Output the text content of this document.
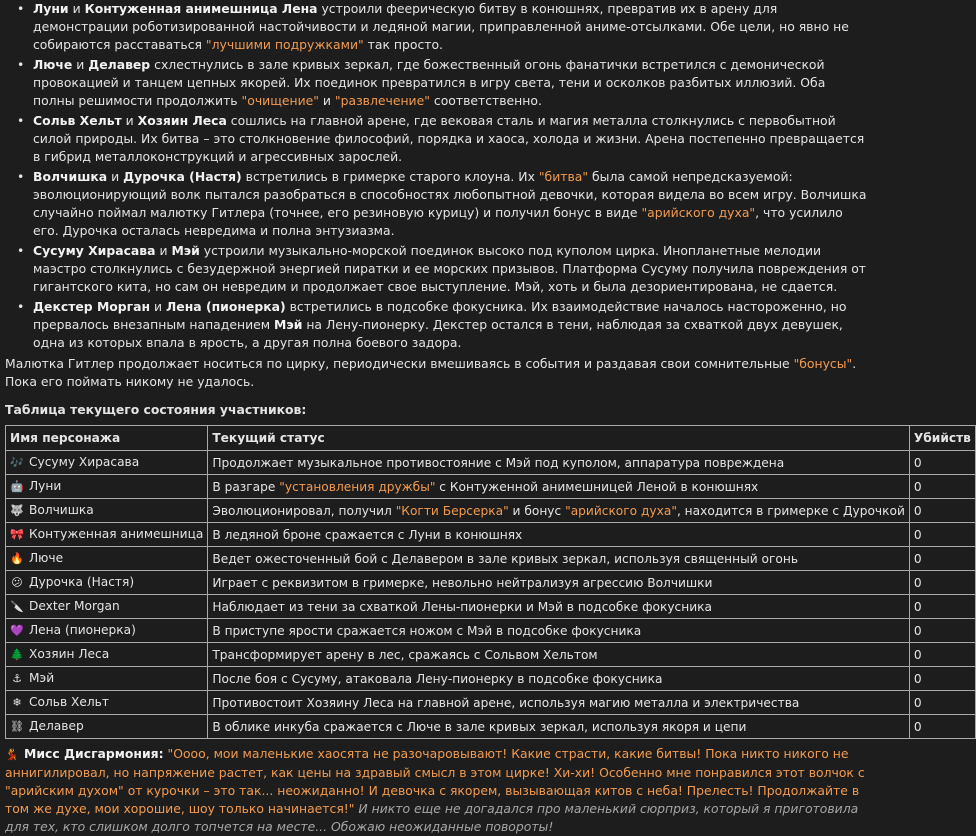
• Луни и Контуженная анимешница Лена устроили феерическую битву в конюшнях, превратив их в арену для демонстрации роботизированной настойчивости и ледяной магии, приправленной аниме-отсылками. Обе цели, но явно не собираются расставаться "лучшими подружками" так просто.
• Лючe и Делавер схлестнулись в зале кривых зеркал, где божественный огонь фанатички встретился с демонической провокацией и танцем цепных якорей. Их поединок превратился в игру света, тени и осколков разбитых иллюзий. Оба полны решимости продолжить "очищение" и "развлечение" соответственно.
• Сольв Хельт и Хозяин Леса сошлись на главной арене, где вековая сталь и магия металла столкнулись с первобытной силой природы. Их битва – это столкновение философий, порядка и хаоса, холода и жизни. Арена постепенно превращается в гибрид металлоконструкций и агрессивных зарослей.
• Волчишка и Дурочка (Настя) встретились в гримерке старого клоуна. Их "битва" была самой непредсказуемой: эволюционирующий волк пытался разобраться в способностях любопытной девочки, которая видела во всем игру. Волчишка случайно поймал малютку Гитлера (точнее, его резиновую курицу) и получил бонус в виде "арийского духа", что усилило его. Дурочка осталась невредима и полна энтузиазма.
• Сусуму Хирасава и Мэй устроили музыкально-морской поединок высоко под куполом цирка. Инопланетные мелодии маэстро столкнулись с безудержной энергией пиратки и ее морских призывов. Платформа Сусуму получила повреждения от гигантского кита, но сам он невредим и продолжает свое выступление. Мэй, хоть и была дезориентирована, не сдается.
• Декстер Морган и Лена (пионерка) встретились в подсобке фокусника. Их взаимодействие началось настороженно, но прервалось внезапным нападением Мэй на Лену-пионерку. Декстер остался в тени, наблюдая за схваткой двух девушек, одна из которых впала в ярость, а другая полна боевого задора.
Малютка Гитлер продолжает носиться по цирку, периодически вмешиваясь в события и раздавая свои сомнительные "бонусы". Пока его поймать никому не удалось.
Таблица текущего состояния участников:
Имя персонажа	Текущий статус	Убийств
🎶 Сусуму Хирасава	Продолжает музыкальное противостояние с Мэй под куполом, аппаратура повреждена	0
🤖 Луни	В разгаре "установления дружбы" с Контуженной анимешницей Леной в конюшнях	0
🐺 Волчишка	Эволюционировал, получил "Когти Берсерка" и бонус "арийского духа", находится в гримерке с Дурочкой	0
🎀 Контуженная анимешница	В ледяной броне сражается с Луни в конюшнях	0
🔥 Лючe	Ведет ожесточенный бой с Делавером в зале кривых зеркал, используя священный огонь	0
😕 Дурочка (Настя)	Играет с реквизитом в гримерке, невольно нейтрализуя агрессию Волчишки	0
🔪 Dexter Morgan	Наблюдает из тени за схваткой Лены-пионерки и Мэй в подсобке фокусника	0
💜 Лена (пионерка)	В приступе ярости сражается ножом с Мэй в подсобке фокусника	0
🌲 Хозяин Леса	Трансформирует арену в лес, сражаясь с Сольвом Хельтом	0
⚓ Мэй	После боя с Сусуму, атаковала Лену-пионерку в подсобке фокусника	0
❄ Сольв Хельт	Противостоит Хозяину Леса на главной арене, используя магию металла и электричества	0
⛓ Делавер	В облике инкуба сражается с Лючe в зале кривых зеркал, используя якоря и цепи	0
💃 Мисс Дисгармония: "Оооо, мои маленькие хаосята не разочаровывают! Какие страсти, какие битвы! Пока никто никого не аннигилировал, но напряжение растет, как цены на здравый смысл в этом цирке! Хи-хи! Особенно мне понравился этот волчок с "арийским духом" от курочки – это так... неожиданно! И девочка с якорем, вызывающая китов с неба! Прелесть! Продолжайте в том же духе, мои хорошие, шоу только начинается!" И никто еще не догадался про маленький сюрприз, который я приготовила для тех, кто слишком долго топчется на месте... Обожаю неожиданные повороты!
